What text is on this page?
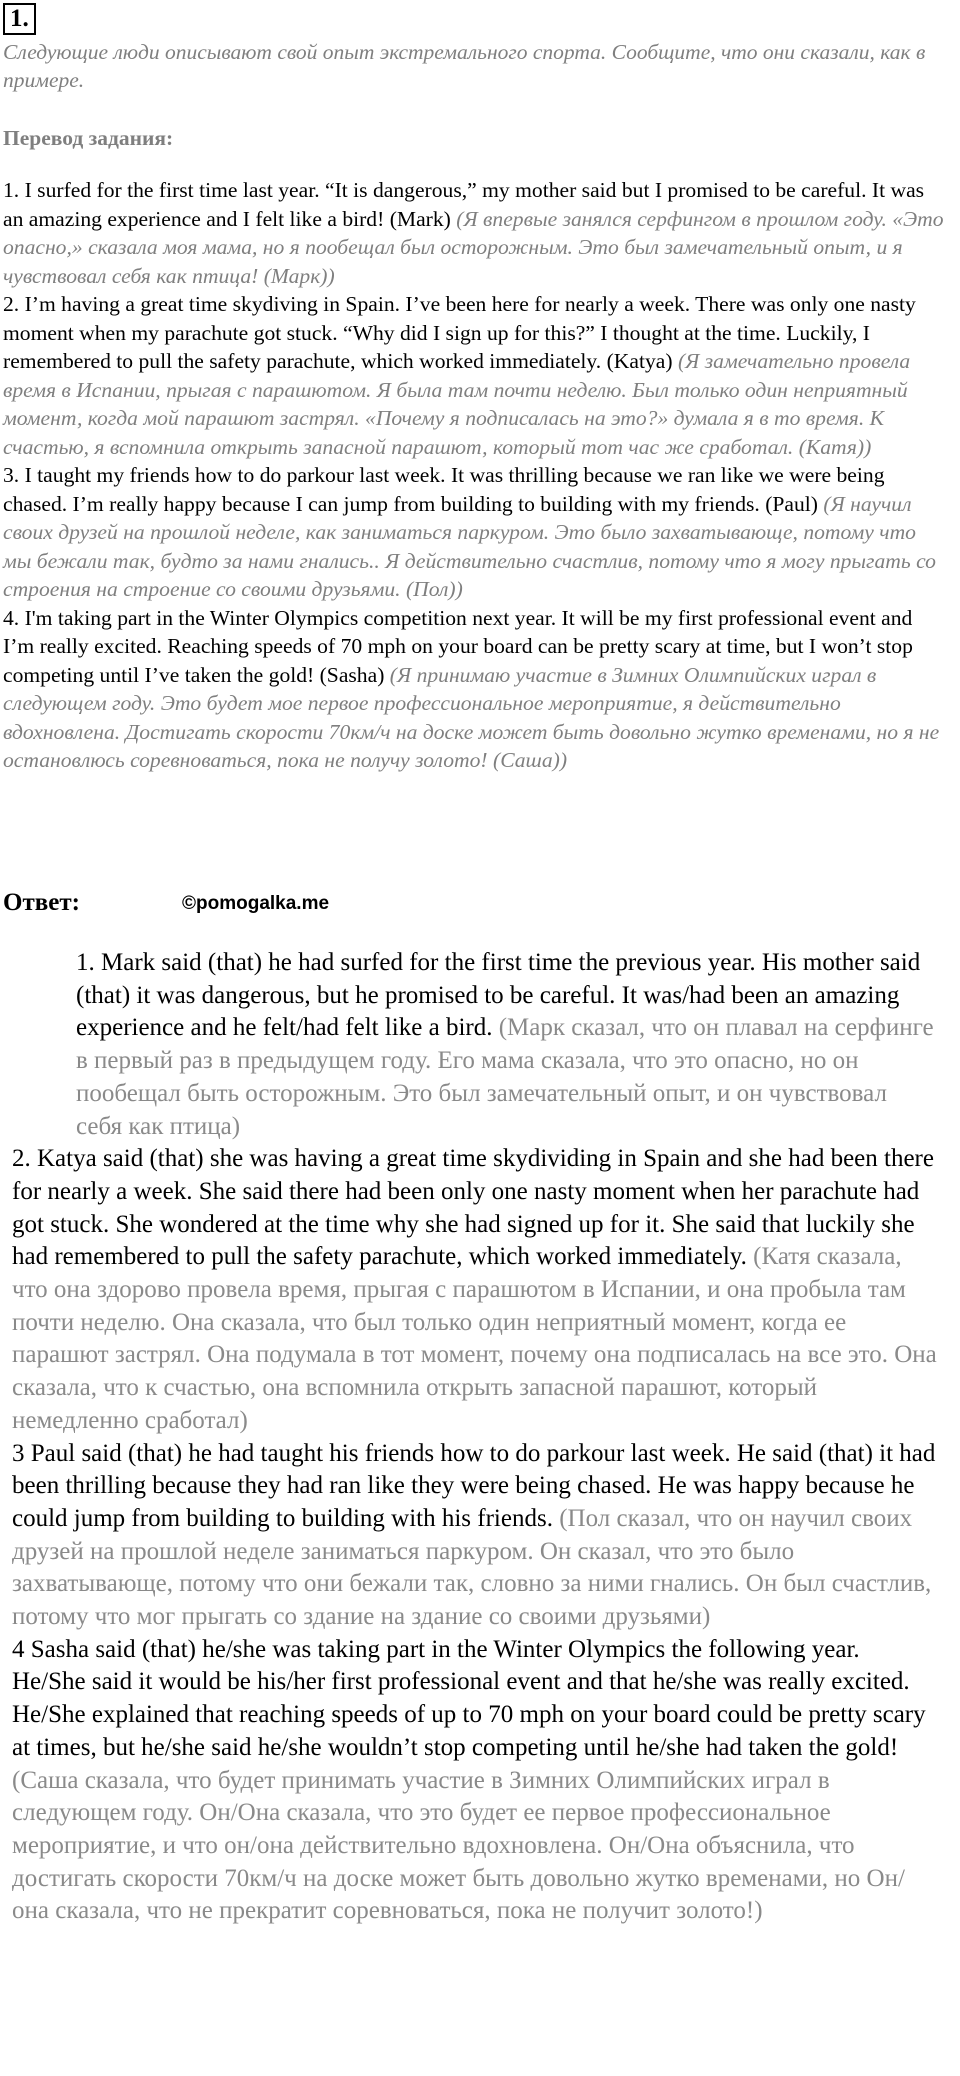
1.
Следующие люди описывают свой опыт экстремального спорта. Сообщите, что они сказали, как в примере.
Перевод задания:

1. I surfed for the first time last year. “It is dangerous,” my mother said but I promised to be careful. It was an amazing experience and I felt like a bird! (Mark) (Я впервые занялся серфингом в прошлом году. «Это опасно,» сказала моя мама, но я пообещал был осторожным. Это был замечательный опыт, и я чувствовал себя как птица! (Марк))

2. I’m having a great time skydiving in Spain. I’ve been here for nearly a week. There was only one nasty moment when my parachute got stuck. “Why did I sign up for this?” I thought at the time. Luckily, I remembered to pull the safety parachute, which worked immediately. (Katya) (Я замечательно провела время в Испании, прыгая с парашютом. Я была там почти неделю. Был только один неприятный момент, когда мой парашют застрял. «Почему я подписалась на это?» думала я в то время. К счастью, я вспомнила открыть запасной парашют, который тот час же сработал. (Катя))

3. I taught my friends how to do parkour last week. It was thrilling because we ran like we were being chased. I’m really happy because I can jump from building to building with my friends. (Paul) (Я научил своих друзей на прошлой неделе, как заниматься паркуром. Это было захватывающе, потому что мы бежали так, будто за нами гнались.. Я действительно счастлив, потому что я могу прыгать со строения на строение со своими друзьями. (Пол))

4. I'm taking part in the Winter Olympics competition next year. It will be my first professional event and I’m really excited. Reaching speeds of 70 mph on your board can be pretty scary at time, but I won’t stop competing until I’ve taken the gold! (Sasha) (Я принимаю участие в Зимних Олимпийских играл в следующем году. Это будет мое первое профессиональное мероприятие, я действительно вдохновлена. Достигать скорости 70км/ч на доске может быть довольно жутко временами, но я не остановлюсь соревноваться, пока не получу золото! (Саша))

Ответ:	©pomogalka.me

1. Mark said (that) he had surfed for the first time the previous year. His mother said (that) it was dangerous, but he promised to be careful. It was/had been an amazing experience and he felt/had felt like a bird. (Марк сказал, что он плавал на серфинге в первый раз в предыдущем году. Его мама сказала, что это опасно, но он пообещал быть осторожным. Это был замечательный опыт, и он чувствовал себя как птица)

2. Katya said (that) she was having a great time skydividing in Spain and she had been there for nearly a week. She said there had been only one nasty moment when her parachute had got stuck. She wondered at the time why she had signed up for it. She said that luckily she had remembered to pull the safety parachute, which worked immediately. (Катя сказала, что она здорово провела время, прыгая с парашютом в Испании, и она пробыла там почти неделю. Она сказала, что был только один неприятный момент, когда ее парашют застрял. Она подумала в тот момент, почему она подписалась на все это. Она сказала, что к счастью, она вспомнила открыть запасной парашют, который немедленно сработал)

3 Paul said (that) he had taught his friends how to do parkour last week. He said (that) it had been thrilling because they had ran like they were being chased. He was happy because he could jump from building to building with his friends. (Пол сказал, что он научил своих друзей на прошлой неделе заниматься паркуром. Он сказал, что это было захватывающе, потому что они бежали так, словно за ними гнались. Он был счастлив, потому что мог прыгать со здание на здание со своими друзьями)

4 Sasha said (that) he/she was taking part in the Winter Olympics the following year. He/She said it would be his/her first professional event and that he/she was really excited. He/She explained that reaching speeds of up to 70 mph on your board could be pretty scary at times, but he/she said he/she wouldn’t stop competing until he/she had taken the gold! (Саша сказала, что будет принимать участие в Зимних Олимпийских играл в следующем году. Он/Она сказала, что это будет ее первое профессиональное мероприятие, и что он/она действительно вдохновлена. Он/Она объяснила, что достигать скорости 70км/ч на доске может быть довольно жутко временами, но Он/она сказала, что не прекратит соревноваться, пока не получит золото!)
